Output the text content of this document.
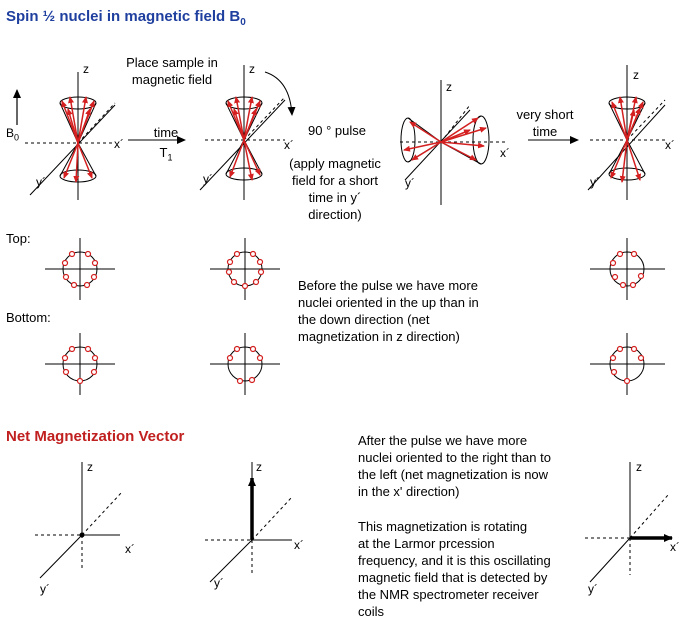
Spin ½ nuclei in magnetic field $B_0$
z
x´
y´
$B_0$	time
$T_1$
z
x´
y´
Place sample in
magnetic field
90 ° pulse
(apply magnetic
field for a short
time in y´
direction)
z
x´
y´
very short
time
z
x´
y´
Top:
Bottom:
Before the pulse we have more
nuclei oriented in the up than in
the down direction (net
magnetization in z direction)
Net Magnetization Vector
z
x´
y´
z
x´
y´
z
x´
y´
After the pulse we have more
nuclei oriented to the right than to
the left (net magnetization is now
in the x' direction)
This magnetization is rotating
at the Larmor prcession
frequency, and it is this oscillating
magnetic field that is detected by
the NMR spectrometer receiver
coils
